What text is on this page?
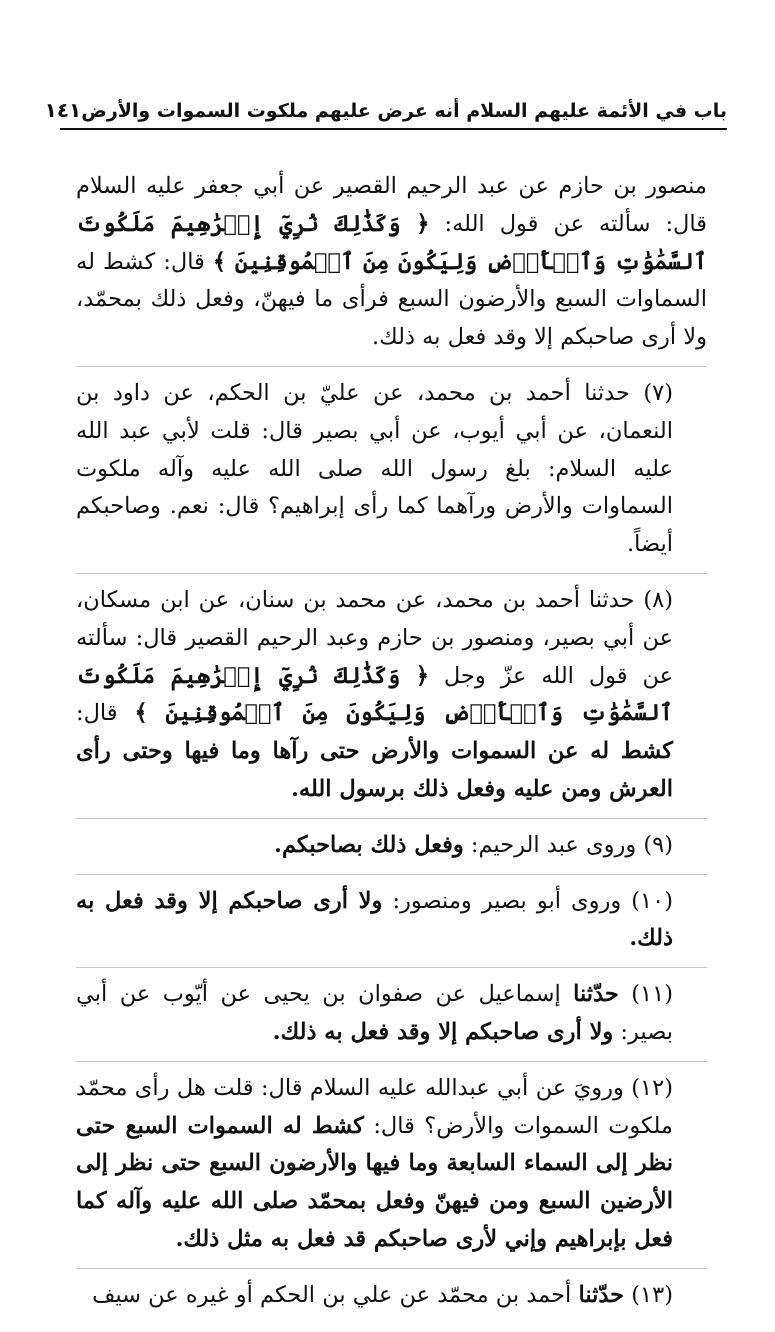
باب في الأئمة عليهم السلام أنه عرض عليهم ملكوت السموات والأرض
١٤١

منصور بن حازم عن عبد الرحيم القصير عن أبي جعفر عليه السلام قال: سألته عن قول الله: ﴿ وَكَذَٰلِكَ نُرِيٓ إِبۡرَٰهِيمَ مَلَكُوتَ ٱلسَّمَٰوَٰتِ وَٱلۡأَرۡضِ وَلِيَكُونَ مِنَ ٱلۡمُوقِنِينَ ﴾ قال: كشط له السماوات السبع والأرضون السبع فرأى ما فيهنّ، وفعل ذلك بمحمّد، ولا أرى صاحبكم إلا وقد فعل به ذلك.

(٧) حدثنا أحمد بن محمد، عن عليّ بن الحكم، عن داود بن النعمان، عن أبي أيوب، عن أبي بصير قال: قلت لأبي عبد الله عليه السلام: بلغ رسول الله صلى الله عليه وآله ملكوت السماوات والأرض ورآهما كما رأى إبراهيم؟ قال: نعم. وصاحبكم أيضاً.

(٨) حدثنا أحمد بن محمد، عن محمد بن سنان، عن ابن مسكان، عن أبي بصير، ومنصور بن حازم وعبد الرحيم القصير قال: سألته عن قول الله عزّ وجل ﴿ وَكَذَٰلِكَ نُرِيٓ إِبۡرَٰهِيمَ مَلَكُوتَ ٱلسَّمَٰوَٰتِ وَٱلۡأَرۡضِ وَلِيَكُونَ مِنَ ٱلۡمُوقِنِينَ ﴾ قال: كشط له عن السموات والأرض حتى رآها وما فيها وحتى رأى العرش ومن عليه وفعل ذلك برسول الله.

(٩) وروى عبد الرحيم: وفعل ذلك بصاحبكم.

(١٠) وروى أبو بصير ومنصور: ولا أرى صاحبكم إلا وقد فعل به ذلك.

(١١) حدّثنا إسماعيل عن صفوان بن يحيى عن أيّوب عن أبي بصير: ولا أرى صاحبكم إلا وقد فعل به ذلك.

(١٢) ورويَ عن أبي عبدالله عليه السلام قال: قلت هل رأى محمّد ملكوت السموات والأرض؟ قال: كشط له السموات السبع حتى نظر إلى السماء السابعة وما فيها والأرضون السبع حتى نظر إلى الأرضين السبع ومن فيهنّ وفعل بمحمّد صلى الله عليه وآله كما فعل بإبراهيم وإني لأرى صاحبكم قد فعل به مثل ذلك.

(١٣) حدّثنا أحمد بن محمّد عن علي بن الحكم أو غيره عن سيف
